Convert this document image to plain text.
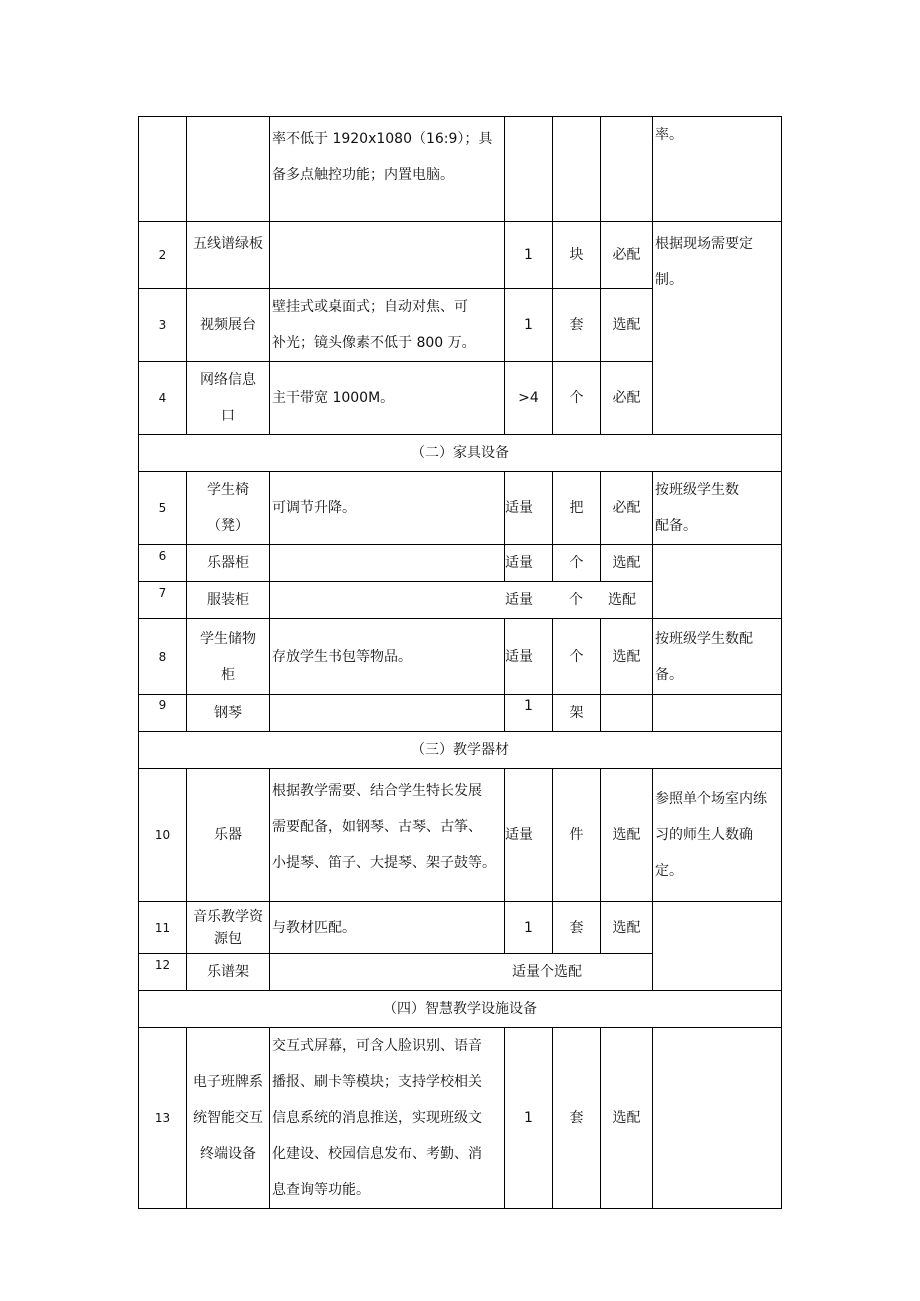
		率不低于 1920x1080（16:9）；具
备多点触控功能；内置电脑。				率。

2	五线谱绿板		1	块	必配	根据现场需要定
制。

3	视频展台	壁挂式或桌面式；自动对焦、可
补光；镜头像素不低于 800 万。	1	套	选配	
4	网络信息
口	主干带宽 1000M。	>4	个	必配	
（二）家具设备						
5	学生椅
（凳）	可调节升降。	适量	把	必配	按班级学生数
配备。

6	乐器柜		适量	个	选配	
7	服装柜	适量 个 选配				

8	学生储物
柜	存放学生书包等物品。	适量	个	选配	按班级学生数配
备。

9	钢琴		1	架		
（三）教学器材						
10	乐器	根据教学需要、结合学生特长发展
需要配备，如钢琴、古琴、古筝、
小提琴、笛子、大提琴、架子鼓等。	适量	件	选配	参照单个场室内练
习的师生人数确
定。

11	音乐教学资
源包	与教材匹配。	1	套	选配	
12	乐谱架	适量个选配				

（四）智慧教学设施设备						
13	电子班牌系
统智能交互
终端设备	交互式屏幕，可含人脸识别、语音
播报、刷卡等模块；支持学校相关
信息系统的消息推送，实现班级文
化建设、校园信息发布、考勤、消
息查询等功能。	1	套	选配	
